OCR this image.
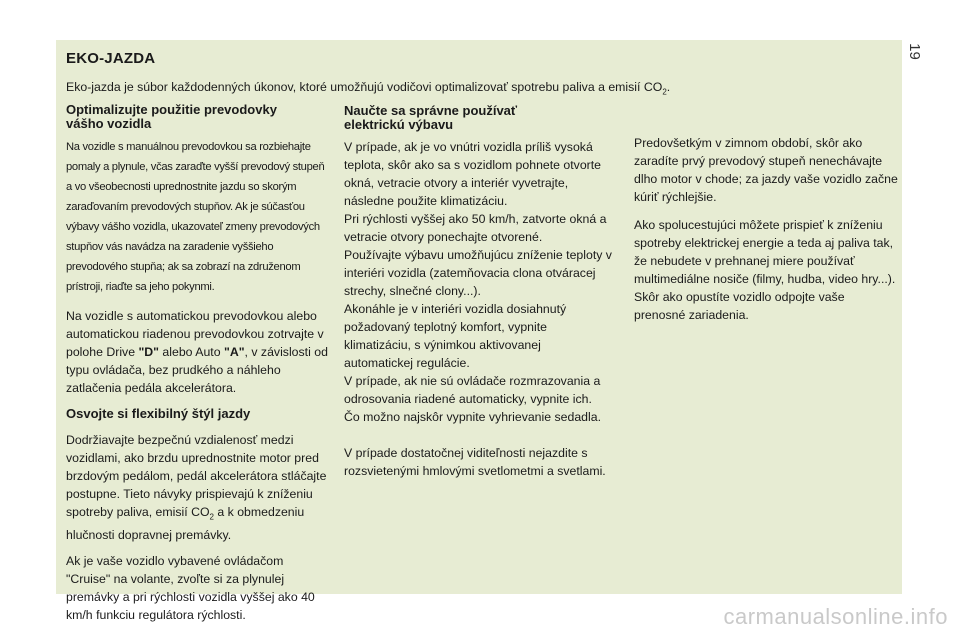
19
EKO-JAZDA
Eko-jazda je súbor každodenných úkonov, ktoré umožňujú vodičovi optimalizovať spotrebu paliva a emisií $CO_2$.

Optimalizujte použitie prevodovky vášho vozidla

Na vozidle s manuálnou prevodovkou sa rozbiehajte pomaly a plynule, včas zaraďte vyšší prevodový stupeň a vo všeobecnosti uprednostnite jazdu so skorým zaraďovaním prevodových stupňov. Ak je súčasťou výbavy vášho vozidla, ukazovateľ zmeny prevodových stupňov vás navádza na zaradenie vyššieho prevodového stupňa; ak sa zobrazí na združenom prístroji, riaďte sa jeho pokynmi.

Na vozidle s automatickou prevodovkou alebo automatickou riadenou prevodovkou zotrvajte v polohe Drive "D" alebo Auto "A", v závislosti od typu ovládača, bez prudkého a náhleho zatlačenia pedála akcelerátora.

Osvojte si flexibilný štýl jazdy

Dodržiavajte bezpečnú vzdialenosť medzi vozidlami, ako brzdu uprednostnite motor pred brzdovým pedálom, pedál akcelerátora stláčajte postupne. Tieto návyky prispievajú k zníženiu spotreby paliva, emisií $CO_2$ a k obmedzeniu hlučnosti dopravnej premávky.

Ak je vaše vozidlo vybavené ovládačom "Cruise" na volante, zvoľte si za plynulej premávky a pri rýchlosti vozidla vyššej ako 40 km/h funkciu regulátora rýchlosti.

Naučte sa správne používať elektrickú výbavu

V prípade, ak je vo vnútri vozidla príliš vysoká teplota, skôr ako sa s vozidlom pohnete otvorte okná, vetracie otvory a interiér vyvetrajte, následne použite klimatizáciu.

Pri rýchlosti vyššej ako 50 km/h, zatvorte okná a vetracie otvory ponechajte otvorené.

Používajte výbavu umožňujúcu zníženie teploty v interiéri vozidla (zatemňovacia clona otváracej strechy, slnečné clony...).

Akonáhle je v interiéri vozidla dosiahnutý požadovaný teplotný komfort, vypnite klimatizáciu, s výnimkou aktivovanej automatickej regulácie.

V prípade, ak nie sú ovládače rozmrazovania a odrosovania riadené automaticky, vypnite ich.

Čo možno najskôr vypnite vyhrievanie sedadla.

V prípade dostatočnej viditeľnosti nejazdite s rozsvietenými hmlovými svetlometmi a svetlami.

Predovšetkým v zimnom období, skôr ako zaradíte prvý prevodový stupeň nenechávajte dlho motor v chode; za jazdy vaše vozidlo začne kúriť rýchlejšie.

Ako spolucestujúci môžete prispieť k zníženiu spotreby elektrickej energie a teda aj paliva tak, že nebudete v prehnanej miere používať multimediálne nosiče (filmy, hudba, video hry...).

Skôr ako opustíte vozidlo odpojte vaše prenosné zariadenia.

carmanualsonline.info
